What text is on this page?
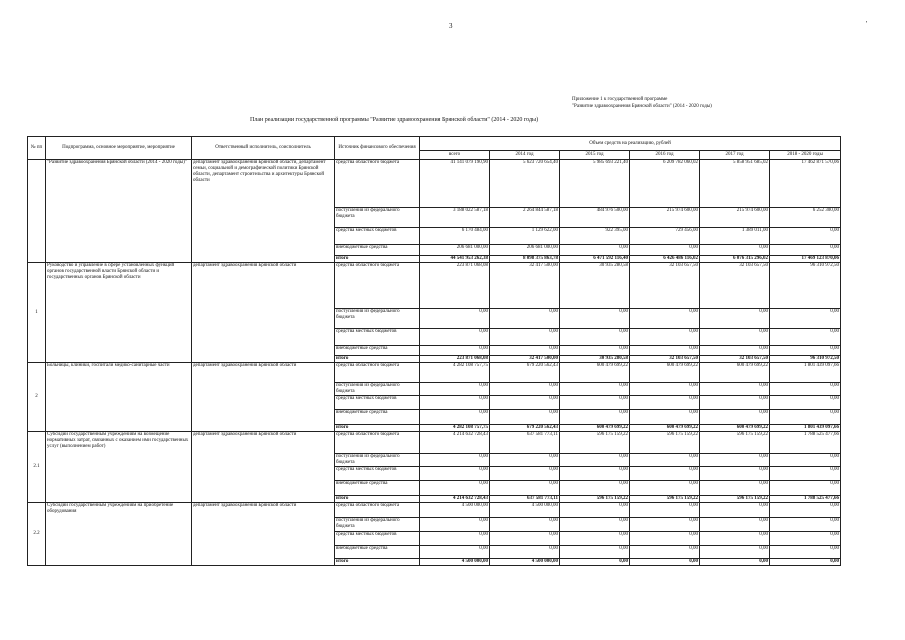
3	'
Приложение 1 к государственной программе
"Развитие здравоохранения Брянской области" (2014 - 2020 годы)
План реализации государственной программы "Развитие здравоохранения Брянской области" (2014 - 2020 годы)
№ пп	Подпрограмма, основное мероприятие, мероприятие	Ответственный исполнитель, соисполнитель	Источник финансового обеспечения	Объем средств на реализацию, рублей					
				всего	2014 год	2015 год	2016 год	2017 год	2018 - 2020 годы
	"Развитие здравоохранения Брянской области (2014 - 2020 годы)"	департамент здравоохранения Брянской области, департамент семьи, социальной и демографической политики Брянской области, департамент строительства и архитектуры Брянской области	средства областного бюджета	41 141 079 190,90	5 623 720 654,40	5 985 693 221,40	6 209 782 060,02	5 858 951 685,02	17 462 871 570,06
			поступления из федерального бюджета	3 188 022 587,18	2 264 844 587,18	484 976 500,00	215 974 600,00	215 974 600,00	6 252 300,00
			средства местных бюджетов	6 170 484,00	1 129 622,00	922 395,00	729 456,00	1 389 011,00	0,00
			внебюджетные средства	206 681 000,00	206 681 000,00	0,00	0,00	0,00	0,00
			итого	44 541 953 262,38	8 098 375 863,78	6 471 592 116,40	6 426 486 116,02	6 076 315 296,02	17 469 123 870,06
1	Руководство и управление в сфере установленных функций органов государственной власти Брянской области и государственных органов Брянской области	департамент здравоохранения Брянской области	средства областного бюджета	223 871 068,08	32 417 500,00	30 935 280,58	32 103 657,50	32 103 657,50	96 310 972,50
			поступления из федерального бюджета	0,00	0,00	0,00	0,00	0,00	0,00
			средства местных бюджетов	0,00	0,00	0,00	0,00	0,00	0,00
			внебюджетные средства	0,00	0,00	0,00	0,00	0,00	0,00
			итого	223 871 068,08	32 417 500,00	30 935 280,58	32 103 657,50	32 103 657,50	96 310 972,50
2	Больницы, клиники, госпитали медико-санитарные части	департамент здравоохранения Брянской области	средства областного бюджета	4 282 108 757,75	679 220 562,43	600 479 699,22	600 479 699,22	600 479 699,22	1 801 439 097,66
			поступления из федерального бюджета	0,00	0,00	0,00	0,00	0,00	0,00
			средства местных бюджетов	0,00	0,00	0,00	0,00	0,00	0,00
			внебюджетные средства	0,00	0,00	0,00	0,00	0,00	0,00
			итого	4 282 108 757,75	679 220 562,43	600 479 699,22	600 479 699,22	600 479 699,22	1 801 439 097,66
2.1	Субсидии государственным учреждениям на возмещение нормативных затрат, связанных с оказанием ими государственных услуг (выполнением работ)	департамент здравоохранения Брянской области	средства областного бюджета	4 214 632 728,43	637 581 773,11	596 175 159,22	596 175 159,22	596 175 159,22	1 788 525 477,66
			поступления из федерального бюджета	0,00	0,00	0,00	0,00	0,00	0,00
			средства местных бюджетов	0,00	0,00	0,00	0,00	0,00	0,00
			внебюджетные средства	0,00	0,00	0,00	0,00	0,00	0,00
			итого	4 214 632 728,43	637 581 773,11	596 175 159,22	596 175 159,22	596 175 159,22	1 788 525 477,66
2.2	Субсидии государственным учреждениям на приобретение оборудования	департамент здравоохранения Брянской области	средства областного бюджета	4 500 000,00	4 500 000,00	0,00	0,00	0,00	0,00
			поступления из федерального бюджета	0,00	0,00	0,00	0,00	0,00	0,00
			средства местных бюджетов	0,00	0,00	0,00	0,00	0,00	0,00
			внебюджетные средства	0,00	0,00	0,00	0,00	0,00	0,00
			итого	4 500 000,00	4 500 000,00	0,00	0,00	0,00	0,00
